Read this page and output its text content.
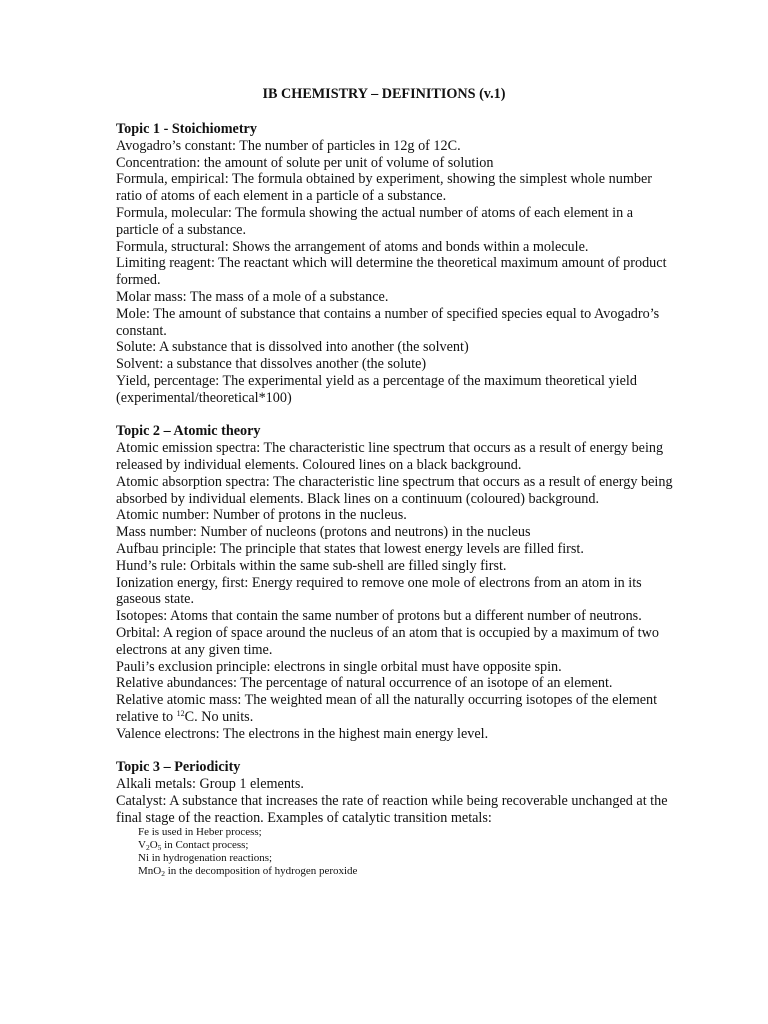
IB CHEMISTRY – DEFINITIONS (v.1)
Topic 1 - Stoichiometry

Avogadro’s constant: The number of particles in 12g of 12C.

Concentration: the amount of solute per unit of volume of solution

Formula, empirical: The formula obtained by experiment, showing the simplest whole number ratio of atoms of each element in a particle of a substance.

Formula, molecular: The formula showing the actual number of atoms of each element in a particle of a substance.

Formula, structural: Shows the arrangement of atoms and bonds within a molecule.

Limiting reagent: The reactant which will determine the theoretical maximum amount of product formed.

Molar mass: The mass of a mole of a substance.

Mole: The amount of substance that contains a number of specified species equal to Avogadro’s constant.

Solute: A substance that is dissolved into another (the solvent)

Solvent: a substance that dissolves another (the solute)

Yield, percentage: The experimental yield as a percentage of the maximum theoretical yield (experimental/theoretical*100)

Topic 2 – Atomic theory

Atomic emission spectra: The characteristic line spectrum that occurs as a result of energy being released by individual elements. Coloured lines on a black background.

Atomic absorption spectra: The characteristic line spectrum that occurs as a result of energy being absorbed by individual elements. Black lines on a continuum (coloured) background.

Atomic number: Number of protons in the nucleus.

Mass number: Number of nucleons (protons and neutrons) in the nucleus

Aufbau principle: The principle that states that lowest energy levels are filled first.

Hund’s rule: Orbitals within the same sub-shell are filled singly first.

Ionization energy, first: Energy required to remove one mole of electrons from an atom in its gaseous state.

Isotopes: Atoms that contain the same number of protons but a different number of neutrons.

Orbital: A region of space around the nucleus of an atom that is occupied by a maximum of two electrons at any given time.

Pauli’s exclusion principle: electrons in single orbital must have opposite spin.

Relative abundances: The percentage of natural occurrence of an isotope of an element.

Relative atomic mass: The weighted mean of all the naturally occurring isotopes of the element relative to $^{12}$C. No units.

Valence electrons: The electrons in the highest main energy level.

Topic 3 – Periodicity

Alkali metals: Group 1 elements.

Catalyst: A substance that increases the rate of reaction while being recoverable unchanged at the final stage of the reaction. Examples of catalytic transition metals:

Fe is used in Heber process;
$V_2O_5$ in Contact process;
Ni in hydrogenation reactions;
MnO$_2$ in the decomposition of hydrogen peroxide
